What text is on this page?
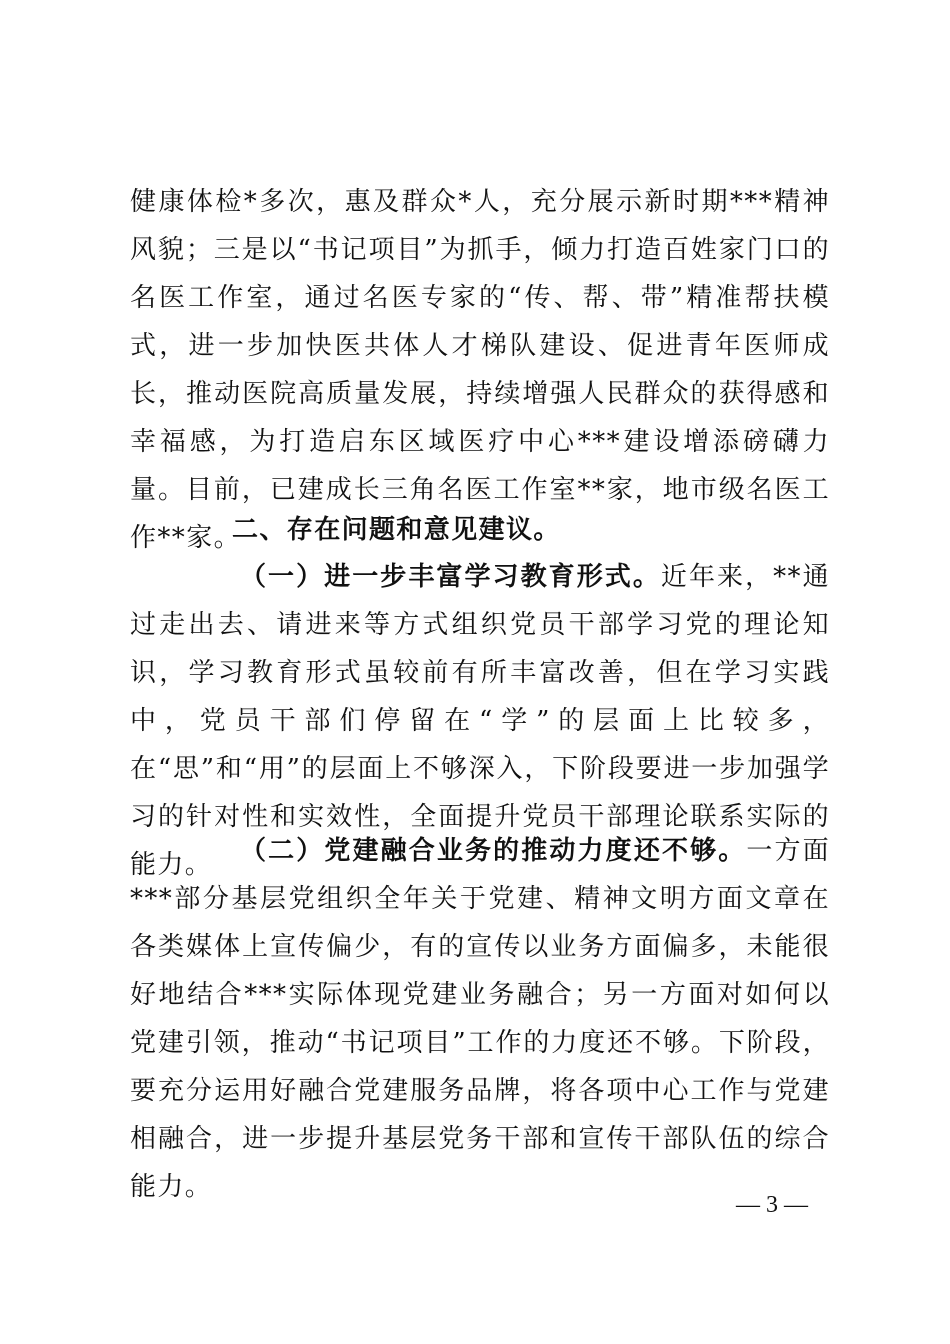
健康体检*多次，惠及群众*人，充分展示新时期***精神风貌；三是以“书记项目”为抓手，倾力打造百姓家门口的名医工作室，通过名医专家的“传、帮、带”精准帮扶模式，进一步加快医共体人才梯队建设、促进青年医师成长，推动医院高质量发展，持续增强人民群众的获得感和幸福感，为打造启东区域医疗中心***建设增添磅礴力量。目前，已建成长三角名医工作室**家，地市级名医工作**家。

二、存在问题和意见建议。

（一）进一步丰富学习教育形式。近年来，**通过走出去、请进来等方式组织党员干部学习党的理论知识，学习教育形式虽较前有所丰富改善，但在学习实践中，党员干部们停留在“学”的层面上比较多，在“思”和“用”的层面上不够深入，下阶段要进一步加强学习的针对性和实效性，全面提升党员干部理论联系实际的能力。	（二）党建融合业务的推动力度还不够。一方面***部分基层党组织全年关于党建、精神文明方面文章在各类媒体上宣传偏少，有的宣传以业务方面偏多，未能很好地结合***实际体现党建业务融合；另一方面对如何以党建引领，推动“书记项目”工作的力度还不够。下阶段，要充分运用好融合党建服务品牌，将各项中心工作与党建相融合，进一步提升基层党务干部和宣传干部队伍的综合能力。

— 3 —
